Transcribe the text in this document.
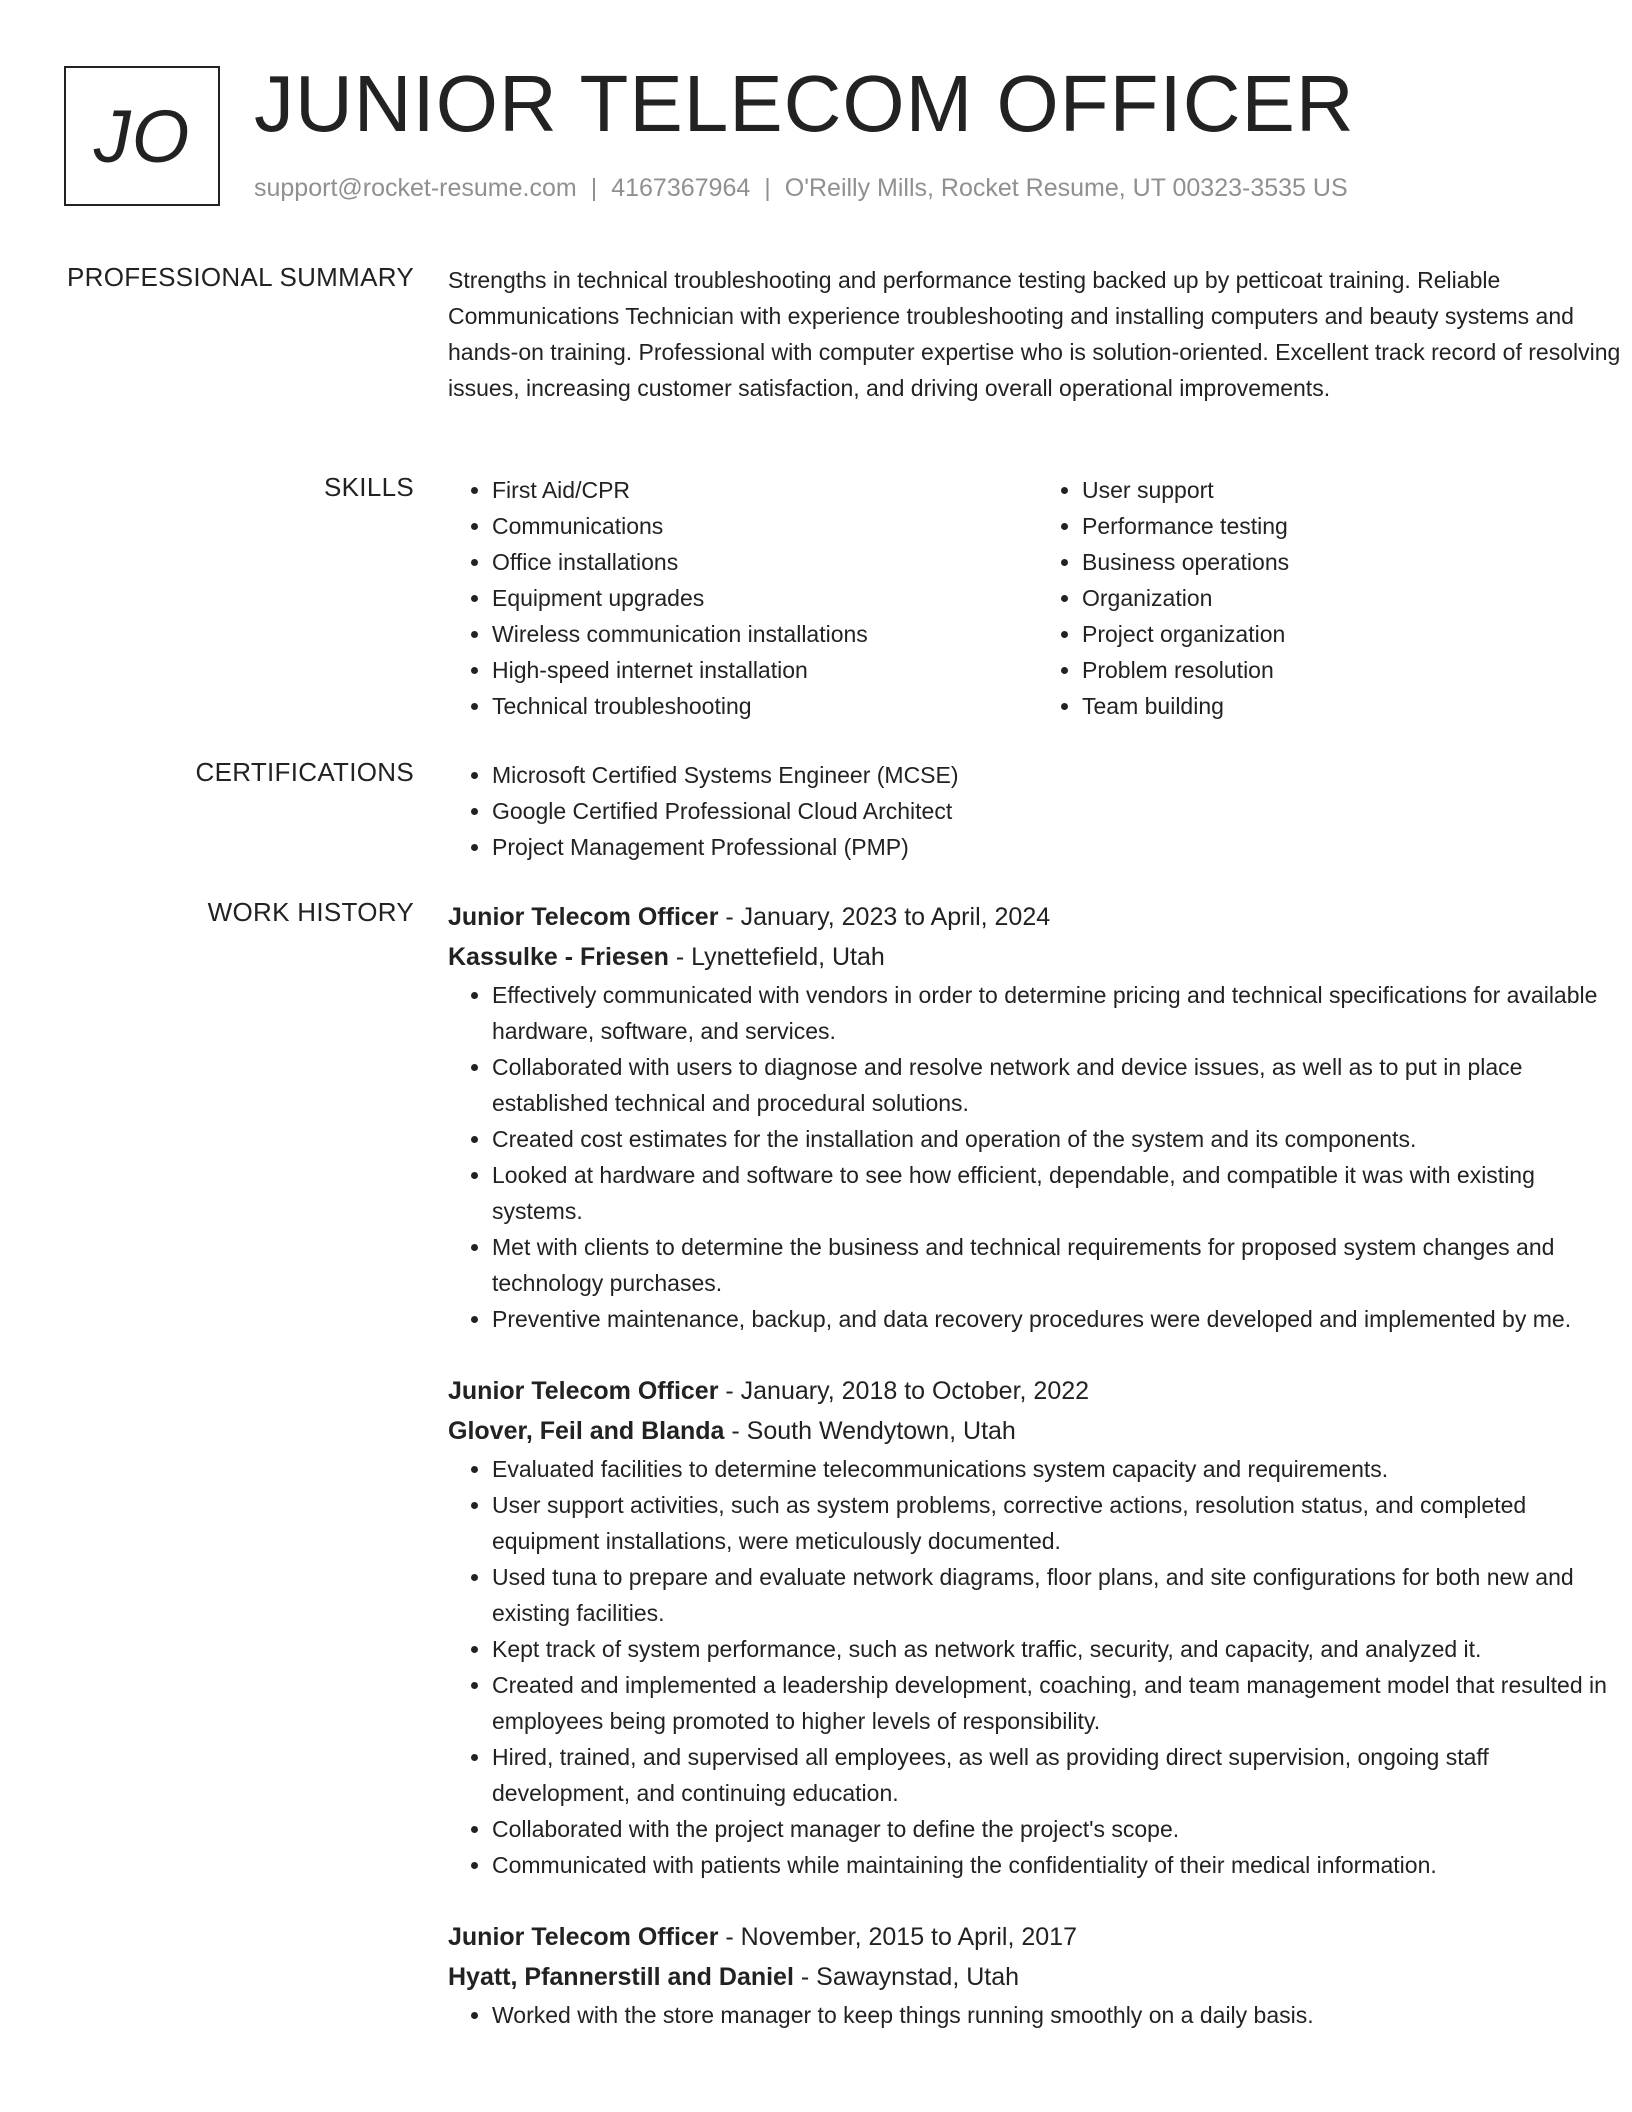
JO JUNIOR TELECOM OFFICER
support@rocket-resume.com | 4167367964 | O'Reilly Mills, Rocket Resume, UT 00323-3535 US
PROFESSIONAL SUMMARY Strengths in technical troubleshooting and performance testing backed up by petticoat training. Reliable Communications Technician with experience troubleshooting and installing computers and beauty systems and hands-on training. Professional with computer expertise who is solution-oriented. Excellent track record of resolving issues, increasing customer satisfaction, and driving overall operational improvements.

SKILLS	• First Aid/CPR
• Communications
• Office installations
• Equipment upgrades
• Wireless communication installations
• High-speed internet installation
• Technical troubleshooting
• User support
• Performance testing
• Business operations
• Organization
• Project organization
• Problem resolution
• Team building
CERTIFICATIONS	• Microsoft Certified Systems Engineer (MCSE)
• Google Certified Professional Cloud Architect
• Project Management Professional (PMP)
WORK HISTORY Junior Telecom Officer - January, 2023 to April, 2024
Kassulke - Friesen - Lynettefield, Utah
• Effectively communicated with vendors in order to determine pricing and technical specifications for available hardware, software, and services.
• Collaborated with users to diagnose and resolve network and device issues, as well as to put in place established technical and procedural solutions.
• Created cost estimates for the installation and operation of the system and its components.
• Looked at hardware and software to see how efficient, dependable, and compatible it was with existing systems.
• Met with clients to determine the business and technical requirements for proposed system changes and technology purchases.
• Preventive maintenance, backup, and data recovery procedures were developed and implemented by me.
Junior Telecom Officer - January, 2018 to October, 2022
Glover, Feil and Blanda - South Wendytown, Utah
• Evaluated facilities to determine telecommunications system capacity and requirements.
• User support activities, such as system problems, corrective actions, resolution status, and completed equipment installations, were meticulously documented.
• Used tuna to prepare and evaluate network diagrams, floor plans, and site configurations for both new and existing facilities.
• Kept track of system performance, such as network traffic, security, and capacity, and analyzed it.
• Created and implemented a leadership development, coaching, and team management model that resulted in employees being promoted to higher levels of responsibility.
• Hired, trained, and supervised all employees, as well as providing direct supervision, ongoing staff development, and continuing education.
• Collaborated with the project manager to define the project's scope.
• Communicated with patients while maintaining the confidentiality of their medical information.
Junior Telecom Officer - November, 2015 to April, 2017
Hyatt, Pfannerstill and Daniel - Sawaynstad, Utah
• Worked with the store manager to keep things running smoothly on a daily basis.
